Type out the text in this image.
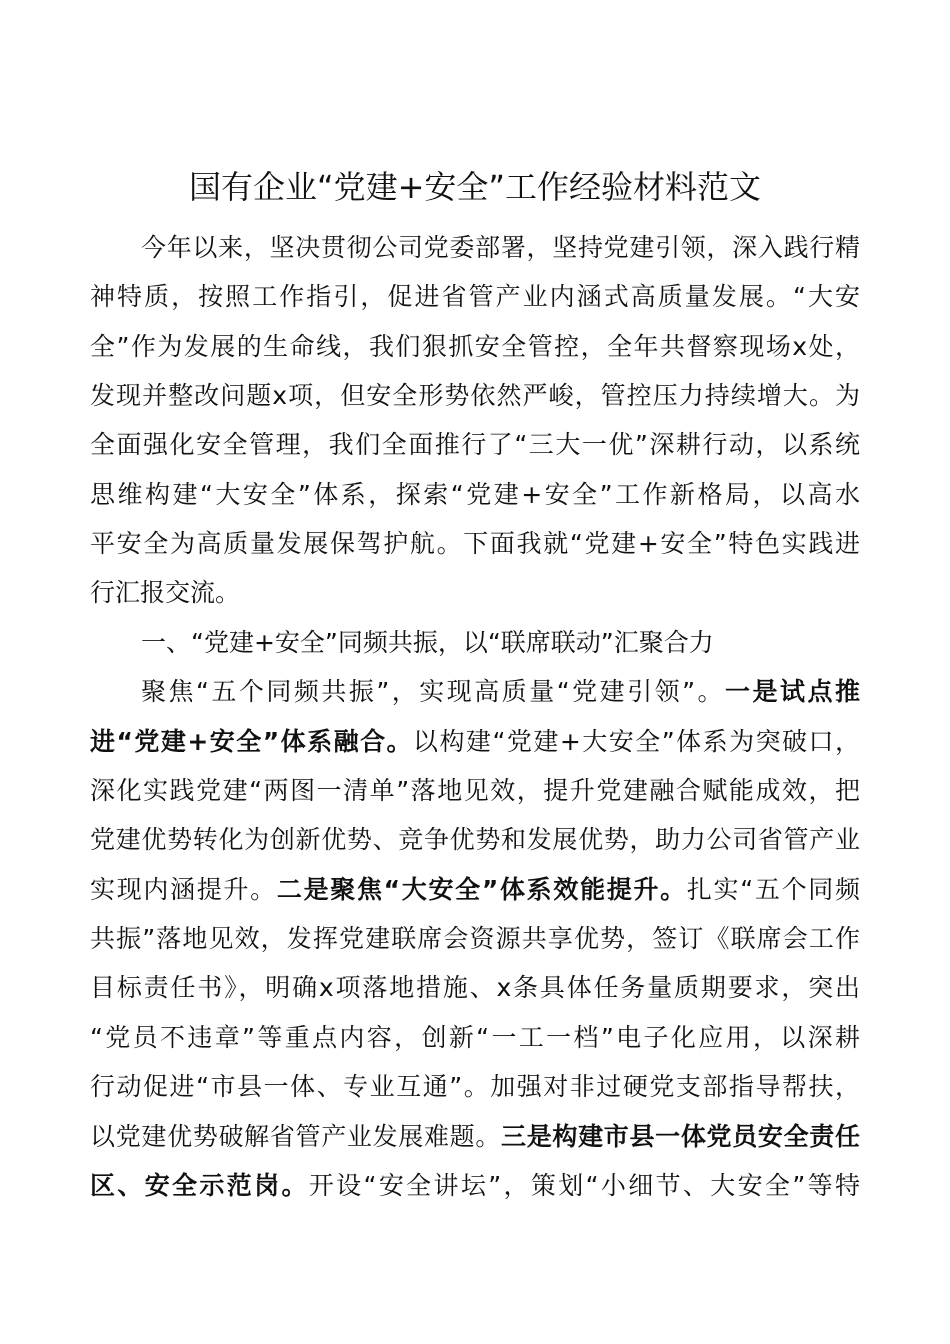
国有企业“党建+安全”工作经验材料范文

今年以来，坚决贯彻公司党委部署，坚持党建引领，深入践行精

神特质，按照工作指引，促进省管产业内涵式高质量发展。“大安

全”作为发展的生命线，我们狠抓安全管控，全年共督察现场x处，

发现并整改问题x项，但安全形势依然严峻，管控压力持续增大。为

全面强化安全管理，我们全面推行了“三大一优”深耕行动，以系统

思维构建“大安全”体系，探索“党建+安全”工作新格局，以高水

平安全为高质量发展保驾护航。下面我就“党建+安全”特色实践进

行汇报交流。

一、“党建+安全”同频共振，以“联席联动”汇聚合力

聚焦“五个同频共振”，实现高质量“党建引领”。一是试点推

进“党建+安全”体系融合。以构建“党建+大安全”体系为突破口，

深化实践党建“两图一清单”落地见效，提升党建融合赋能成效，把

党建优势转化为创新优势、竞争优势和发展优势，助力公司省管产业

实现内涵提升。二是聚焦“大安全”体系效能提升。扎实“五个同频

共振”落地见效，发挥党建联席会资源共享优势，签订《联席会工作

目标责任书》，明确x项落地措施、x条具体任务量质期要求，突出

“党员不违章”等重点内容，创新“一工一档”电子化应用，以深耕

行动促进“市县一体、专业互通”。加强对非过硬党支部指导帮扶，

以党建优势破解省管产业发展难题。三是构建市县一体党员安全责任

区、安全示范岗。开设“安全讲坛”，策划“小细节、大安全”等特
